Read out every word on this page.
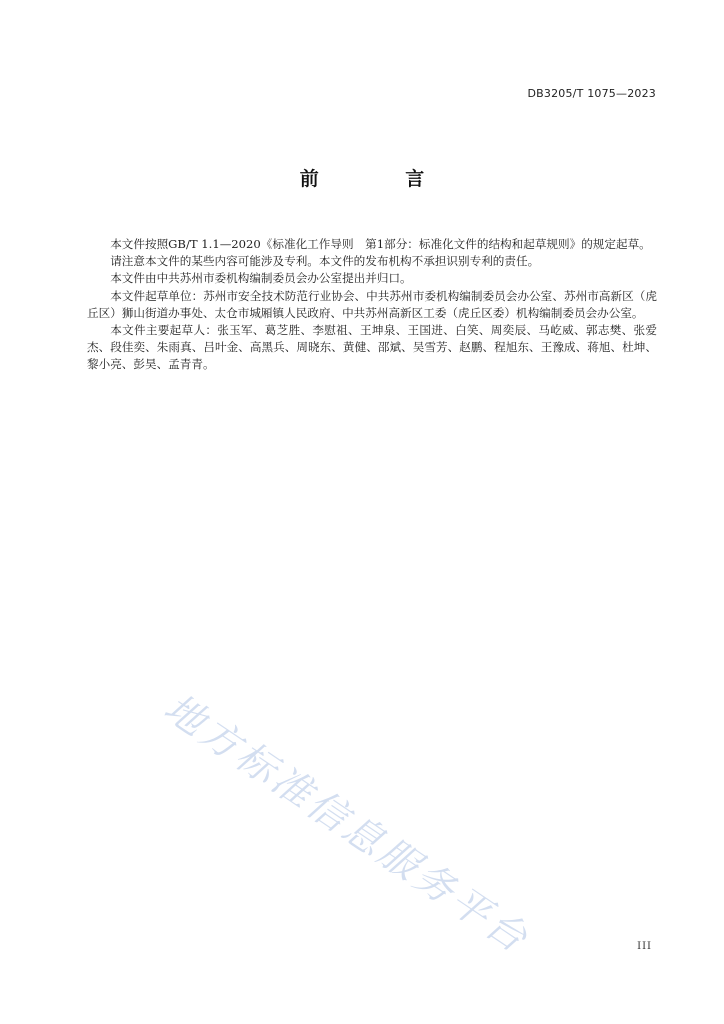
DB3205/T 1075—2023
前 言

本文件按照GB/T 1.1—2020《标准化工作导则　第1部分：标准化文件的结构和起草规则》的规定起草。

请注意本文件的某些内容可能涉及专利。本文件的发布机构不承担识别专利的责任。

本文件由中共苏州市委机构编制委员会办公室提出并归口。

本文件起草单位：苏州市安全技术防范行业协会、中共苏州市委机构编制委员会办公室、苏州市高新区（虎丘区）狮山街道办事处、太仓市城厢镇人民政府、中共苏州高新区工委（虎丘区委）机构编制委员会办公室。

本文件主要起草人：张玉军、葛芝胜、李慰祖、王坤泉、王国进、白笑、周奕辰、马屹威、郭志樊、张爱杰、段佳奕、朱雨真、吕叶金、高黑兵、周晓东、黄健、邵斌、吴雪芳、赵鹏、程旭东、王豫成、蒋旭、杜坤、黎小亮、彭昊、孟青青。

地方标准信息服务平台	III
